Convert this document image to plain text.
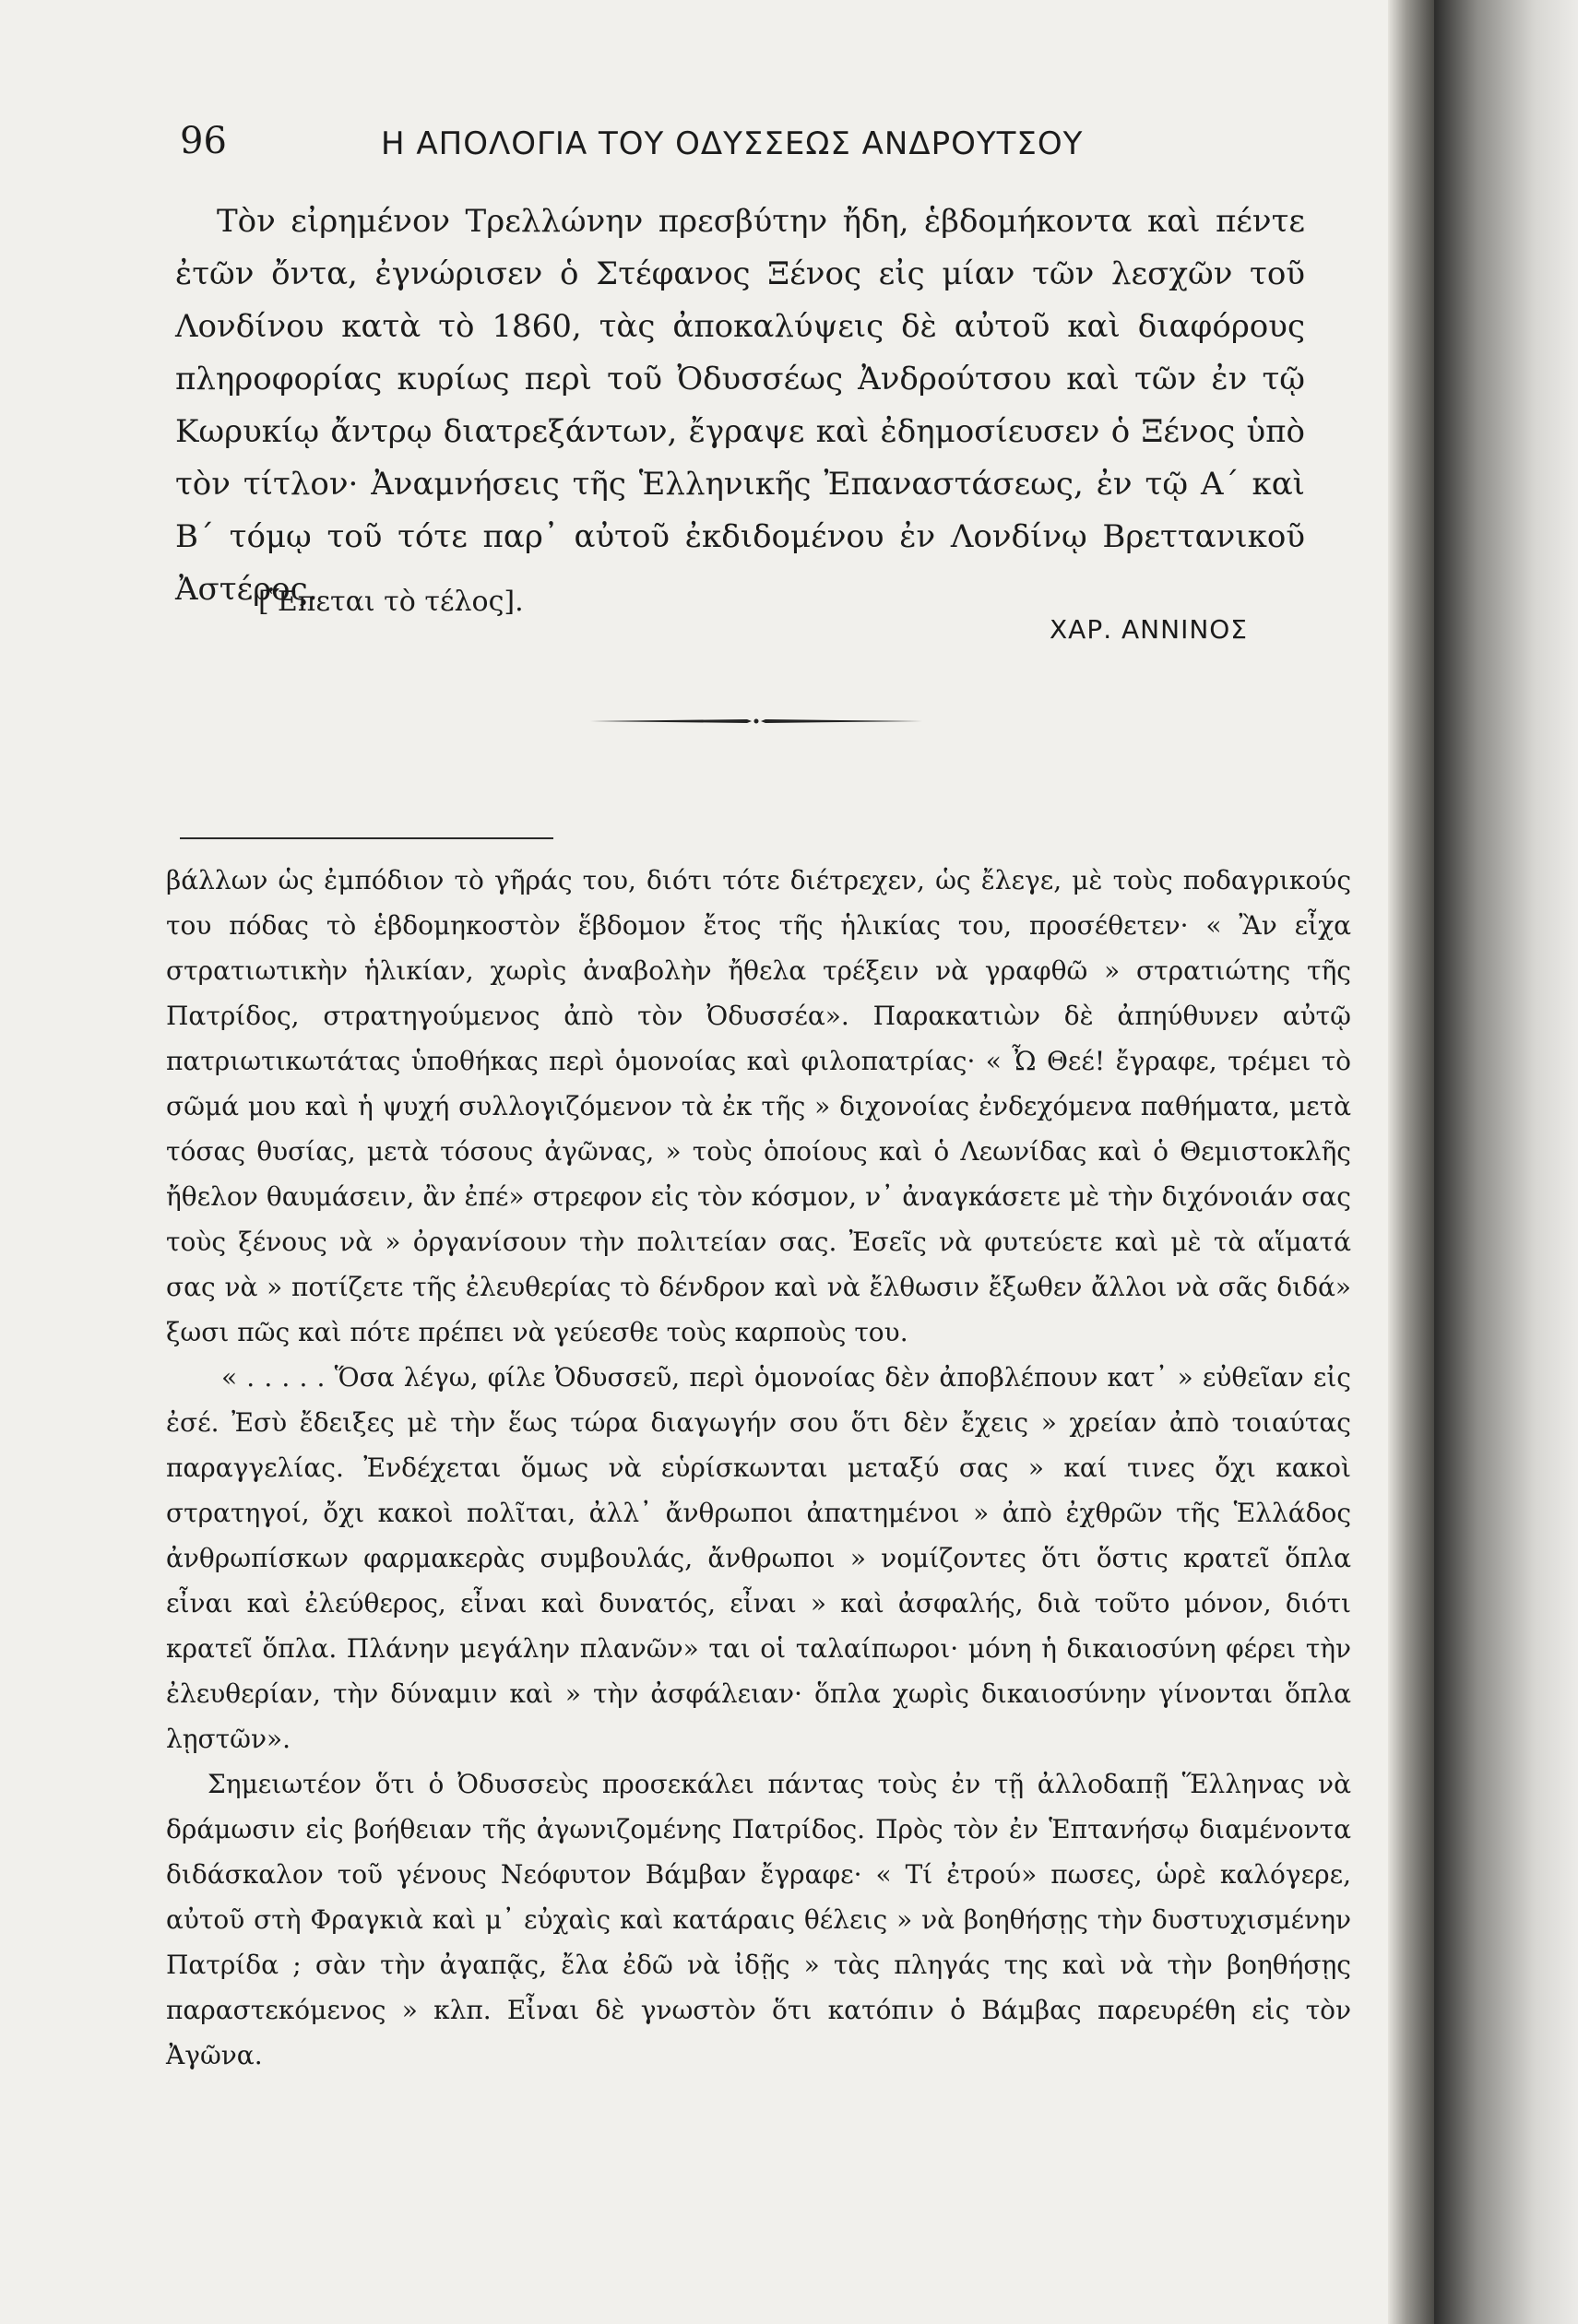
96	Η ΑΠΟΛΟΓΙΑ ΤΟΥ ΟΔΥΣΣΕΩΣ ΑΝΔΡΟΥΤΣΟΥ

Τὸν εἰρημένον Τρελλώνην πρεσβύτην ἤδη, ἑβδομήκοντα καὶ πέντε ἐτῶν ὄντα, ἐγνώρισεν ὁ Στέφανος Ξένος εἰς μίαν τῶν λεσχῶν τοῦ Λονδίνου κατὰ τὸ 1860, τὰς ἀποκαλύψεις δὲ αὐτοῦ καὶ διαφόρους πληροφορίας κυρίως περὶ τοῦ Ὀδυσσέως Ἀνδρούτσου καὶ τῶν ἐν τῷ Κωρυκίῳ ἄντρῳ διατρεξάντων, ἔγραψε καὶ ἐδημοσίευσεν ὁ Ξένος ὑπὸ τὸν τίτλον· Ἀναμνήσεις τῆς Ἑλληνικῆς Ἐπαναστάσεως, ἐν τῷ Α΄ καὶ Β΄ τόμῳ τοῦ τότε παρ᾿ αὐτοῦ ἐκδιδομένου ἐν Λονδίνῳ Βρεττανικοῦ Ἀστέρος.

[Ἕπεται τὸ τέλος].
ΧΑΡ. ΑΝΝΙΝΟΣ

βάλλων ὡς ἐμπόδιον τὸ γῆράς του, διότι τότε διέτρεχεν, ὡς ἔλεγε, μὲ τοὺς ποδαγρικούς του πόδας τὸ ἑβδομηκοστὸν ἕβδομον ἔτος τῆς ἡλικίας του, προσέθετεν· « Ἂν εἶχα στρατιωτικὴν ἡλικίαν, χωρὶς ἀναβολὴν ἤθελα τρέξειν νὰ γραφθῶ » στρατιώτης τῆς Πατρίδος, στρατηγούμενος ἀπὸ τὸν Ὀδυσσέα». Παρακατιὼν δὲ ἀπηύθυνεν αὐτῷ πατριωτικωτάτας ὑποθήκας περὶ ὁμονοίας καὶ φιλοπατρίας· « Ὦ Θεέ! ἔγραφε, τρέμει τὸ σῶμά μου καὶ ἡ ψυχή συλλογιζόμενον τὰ ἐκ τῆς » διχονοίας ἐνδεχόμενα παθήματα, μετὰ τόσας θυσίας, μετὰ τόσους ἀγῶνας, » τοὺς ὁποίους καὶ ὁ Λεωνίδας καὶ ὁ Θεμιστοκλῆς ἤθελον θαυμάσειν, ἂν ἐπέ» στρεφον εἰς τὸν κόσμον, ν᾿ ἀναγκάσετε μὲ τὴν διχόνοιάν σας τοὺς ξένους νὰ » ὀργανίσουν τὴν πολιτείαν σας. Ἐσεῖς νὰ φυτεύετε καὶ μὲ τὰ αἵματά σας νὰ » ποτίζετε τῆς ἐλευθερίας τὸ δένδρον καὶ νὰ ἔλθωσιν ἔξωθεν ἄλλοι νὰ σᾶς διδά» ξωσι πῶς καὶ πότε πρέπει νὰ γεύεσθε τοὺς καρποὺς του.

« . . . . . Ὅσα λέγω, φίλε Ὀδυσσεῦ, περὶ ὁμονοίας δὲν ἀποβλέπουν κατ᾿ » εὐθεῖαν εἰς ἐσέ. Ἐσὺ ἔδειξες μὲ τὴν ἕως τώρα διαγωγήν σου ὅτι δὲν ἔχεις » χρείαν ἀπὸ τοιαύτας παραγγελίας. Ἐνδέχεται ὅμως νὰ εὑρίσκωνται μεταξύ σας » καί τινες ὄχι κακοὶ στρατηγοί, ὄχι κακοὶ πολῖται, ἀλλ᾿ ἄνθρωποι ἀπατημένοι » ἀπὸ ἐχθρῶν τῆς Ἑλλάδος ἀνθρωπίσκων φαρμακερὰς συμβουλάς, ἄνθρωποι » νομίζοντες ὅτι ὅστις κρατεῖ ὅπλα εἶναι καὶ ἐλεύθερος, εἶναι καὶ δυνατός, εἶναι » καὶ ἀσφαλής, διὰ τοῦτο μόνον, διότι κρατεῖ ὅπλα. Πλάνην μεγάλην πλανῶν» ται οἱ ταλαίπωροι· μόνη ἡ δικαιοσύνη φέρει τὴν ἐλευθερίαν, τὴν δύναμιν καὶ » τὴν ἀσφάλειαν· ὅπλα χωρὶς δικαιοσύνην γίνονται ὅπλα λῃστῶν».

Σημειωτέον ὅτι ὁ Ὀδυσσεὺς προσεκάλει πάντας τοὺς ἐν τῇ ἀλλοδαπῇ Ἕλληνας νὰ δράμωσιν εἰς βοήθειαν τῆς ἀγωνιζομένης Πατρίδος. Πρὸς τὸν ἐν Ἑπτανήσῳ διαμένοντα διδάσκαλον τοῦ γένους Νεόφυτον Βάμβαν ἔγραφε· « Τί ἐτρού» πωσες, ὡρὲ καλόγερε, αὐτοῦ στὴ Φραγκιὰ καὶ μ᾿ εὐχαὶς καὶ κατάραις θέλεις » νὰ βοηθήσῃς τὴν δυστυχισμένην Πατρίδα ; σὰν τὴν ἀγαπᾷς, ἔλα ἐδῶ νὰ ἰδῇς » τὰς πληγάς της καὶ νὰ τὴν βοηθήσῃς παραστεκόμενος » κλπ. Εἶναι δὲ γνωστὸν ὅτι κατόπιν ὁ Βάμβας παρευρέθη εἰς τὸν Ἀγῶνα.
